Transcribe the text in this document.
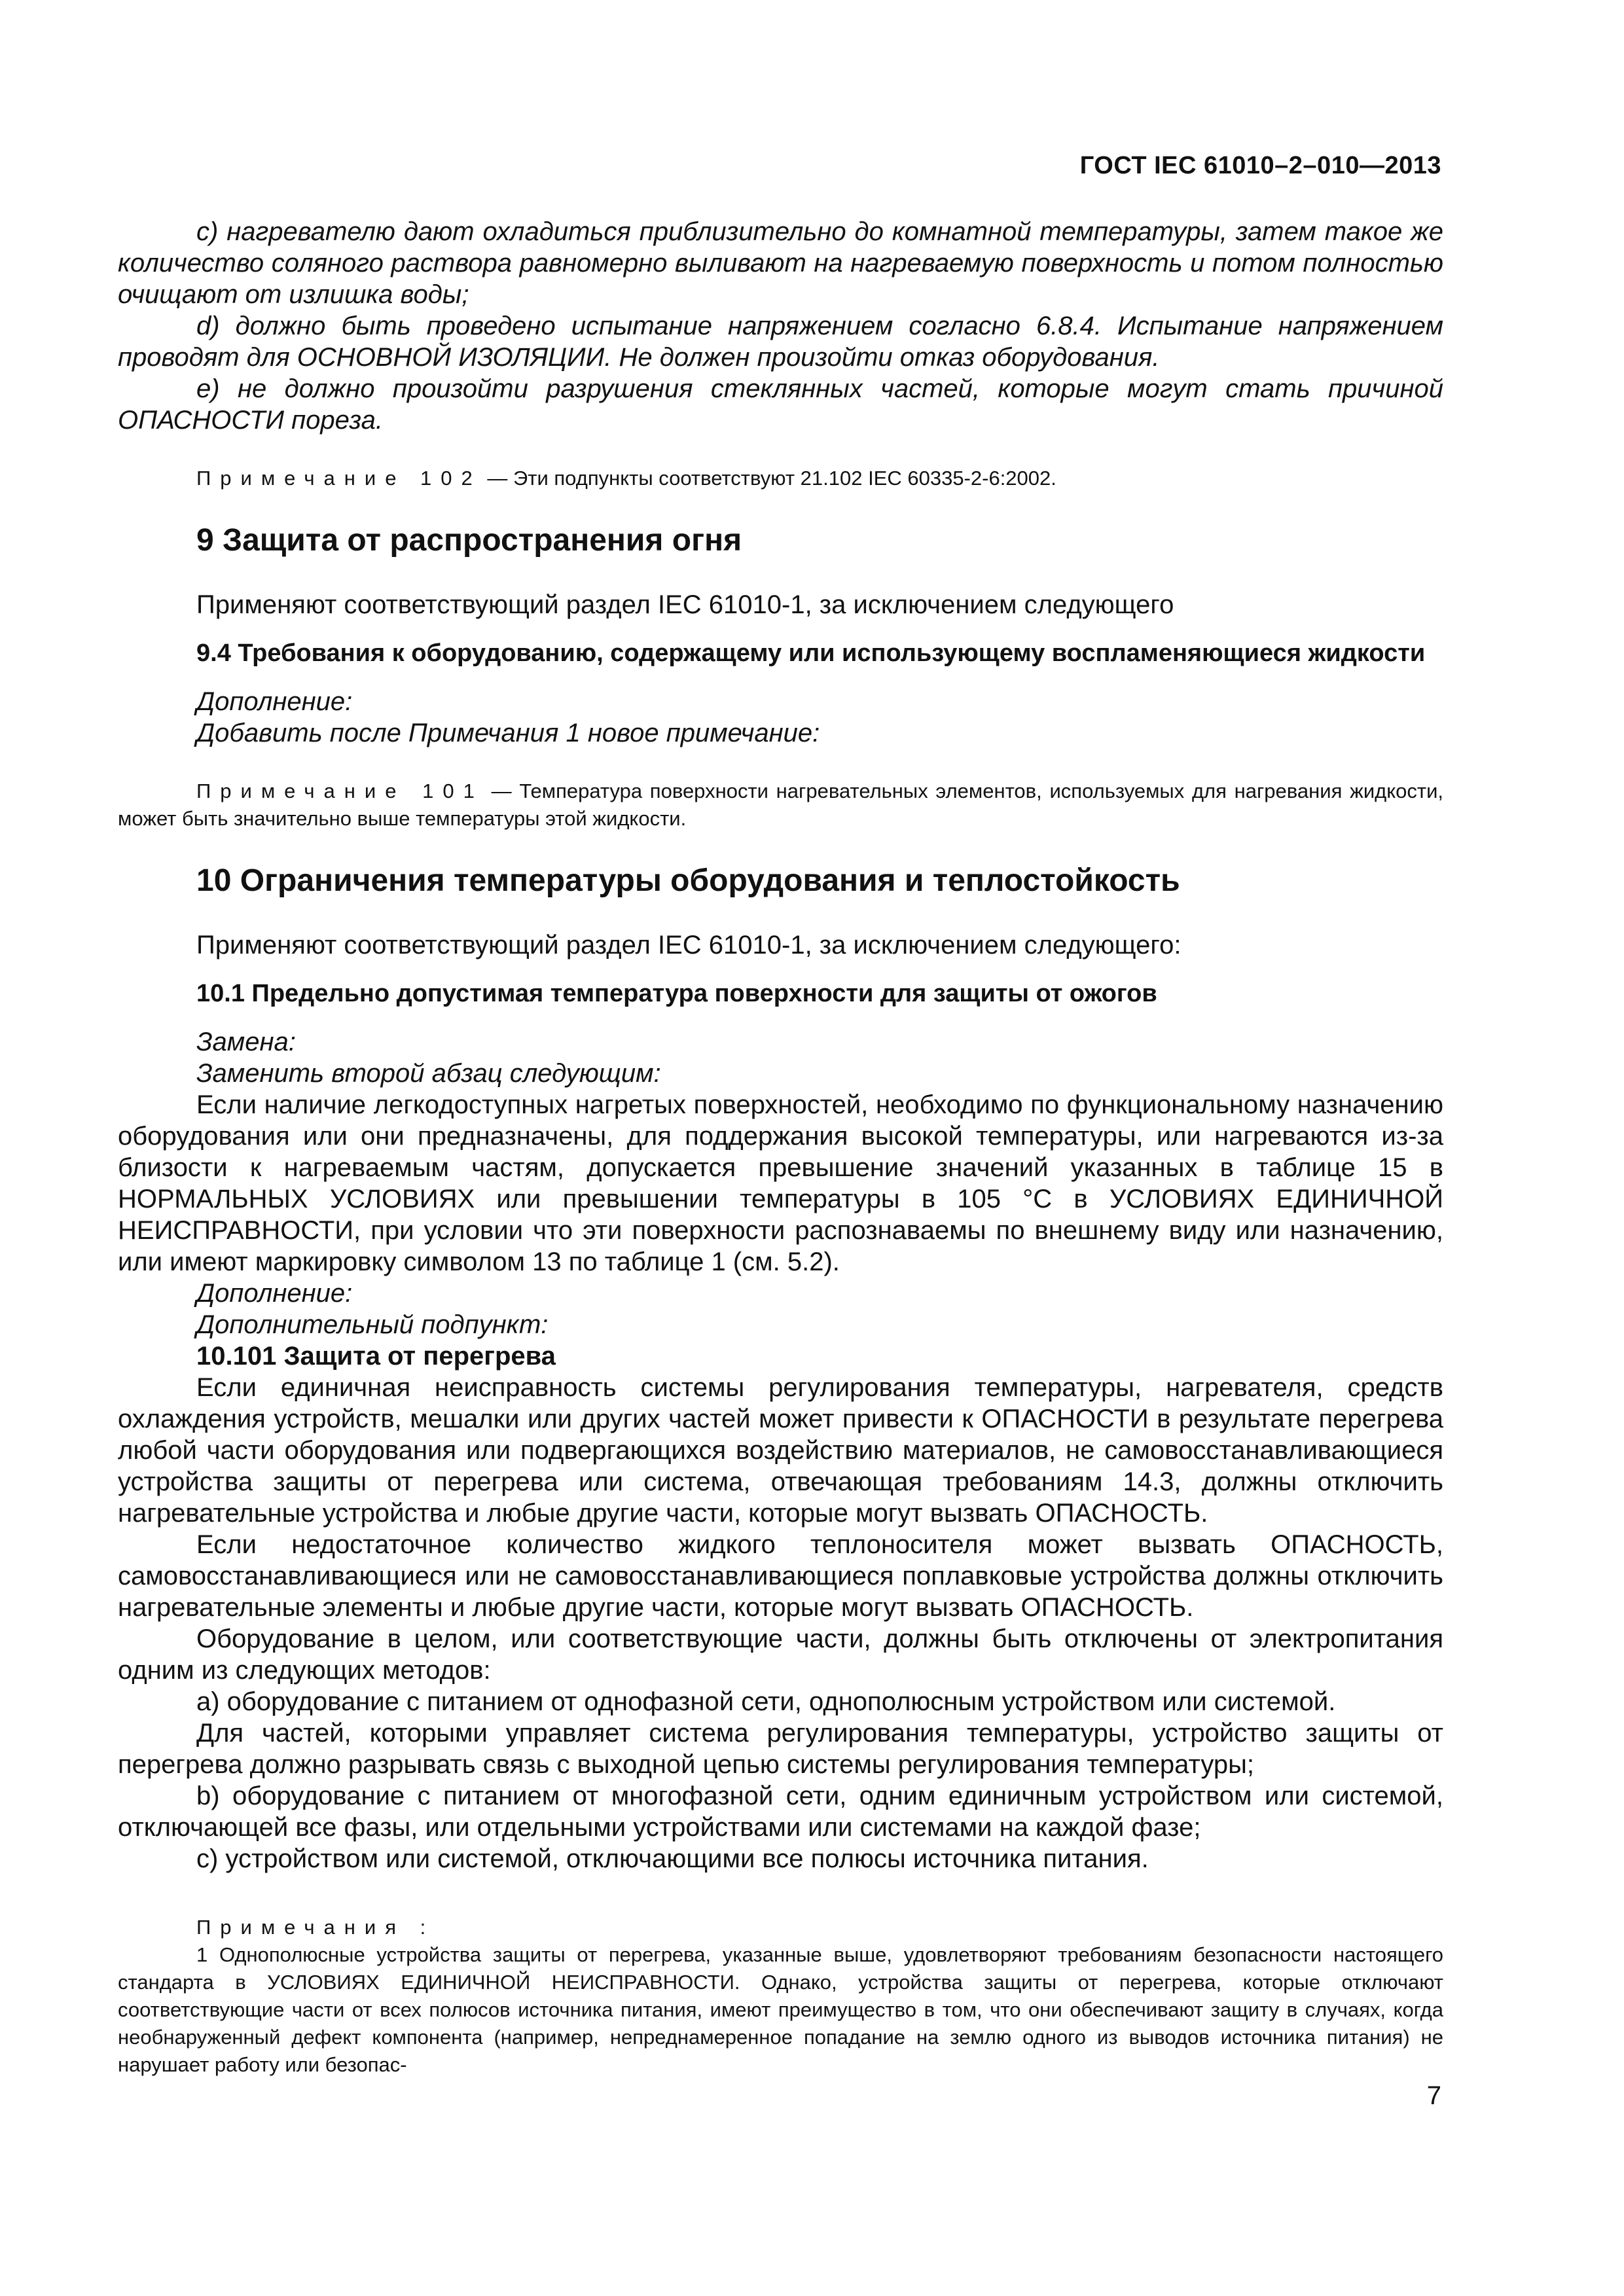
ГОСТ IEC 61010–2–010—2013

c) нагревателю дают охладиться приблизительно до комнатной температуры, затем такое же количество соляного раствора равномерно выливают на нагреваемую поверхность и потом полностью очищают от излишка воды;

d) должно быть проведено испытание напряжением согласно 6.8.4. Испытание напряжением проводят для ОСНОВНОЙ ИЗОЛЯЦИИ. Не должен произойти отказ оборудования.

e) не должно произойти разрушения стеклянных частей, которые могут стать причиной ОПАСНОСТИ пореза.

Примечание 102 — Эти подпункты соответствуют 21.102 IEC 60335-2-6:2002.

9 Защита от распространения огня

Применяют соответствующий раздел IEC 61010-1, за исключением следующего

9.4 Требования к оборудованию, содержащему или использующему воспламеняющиеся жидкости

Дополнение:

Добавить после Примечания 1 новое примечание:

Примечание 101 — Температура поверхности нагревательных элементов, используемых для нагревания жидкости, может быть значительно выше температуры этой жидкости.

10 Ограничения температуры оборудования и теплостойкость

Применяют соответствующий раздел IEC 61010-1, за исключением следующего:

10.1 Предельно допустимая температура поверхности для защиты от ожогов

Замена:

Заменить второй абзац следующим:

Если наличие легкодоступных нагретых поверхностей, необходимо по функциональному назначению оборудования или они предназначены, для поддержания высокой температуры, или нагреваются из-за близости к нагреваемым частям, допускается превышение значений указанных в таблице 15 в НОРМАЛЬНЫХ УСЛОВИЯХ или превышении температуры в 105 °С в УСЛОВИЯХ ЕДИНИЧНОЙ НЕИСПРАВНОСТИ, при условии что эти поверхности распознаваемы по внешнему виду или назначению, или имеют маркировку символом 13 по таблице 1 (см. 5.2).

Дополнение:

Дополнительный подпункт:

10.101 Защита от перегрева

Если единичная неисправность системы регулирования температуры, нагревателя, средств охлаждения устройств, мешалки или других частей может привести к ОПАСНОСТИ в результате перегрева любой части оборудования или подвергающихся воздействию материалов, не самовосстанавливающиеся устройства защиты от перегрева или система, отвечающая требованиям 14.3, должны отключить нагревательные устройства и любые другие части, которые могут вызвать ОПАСНОСТЬ.

Если недостаточное количество жидкого теплоносителя может вызвать ОПАСНОСТЬ, самовосстанавливающиеся или не самовосстанавливающиеся поплавковые устройства должны отключить нагревательные элементы и любые другие части, которые могут вызвать ОПАСНОСТЬ.

Оборудование в целом, или соответствующие части, должны быть отключены от электропитания одним из следующих методов:

a) оборудование с питанием от однофазной сети, однополюсным устройством или системой.

Для частей, которыми управляет система регулирования температуры, устройство защиты от перегрева должно разрывать связь с выходной цепью системы регулирования температуры;

b) оборудование с питанием от многофазной сети, одним единичным устройством или системой, отключающей все фазы, или отдельными устройствами или системами на каждой фазе;

c) устройством или системой, отключающими все полюсы источника питания.

Примечания :

1 Однополюсные устройства защиты от перегрева, указанные выше, удовлетворяют требованиям безопасности настоящего стандарта в УСЛОВИЯХ ЕДИНИЧНОЙ НЕИСПРАВНОСТИ. Однако, устройства защиты от перегрева, которые отключают соответствующие части от всех полюсов источника питания, имеют преимущество в том, что они обеспечивают защиту в случаях, когда необнаруженный дефект компонента (например, непреднамеренное попадание на землю одного из выводов источника питания) не нарушает работу или безопас-

7
